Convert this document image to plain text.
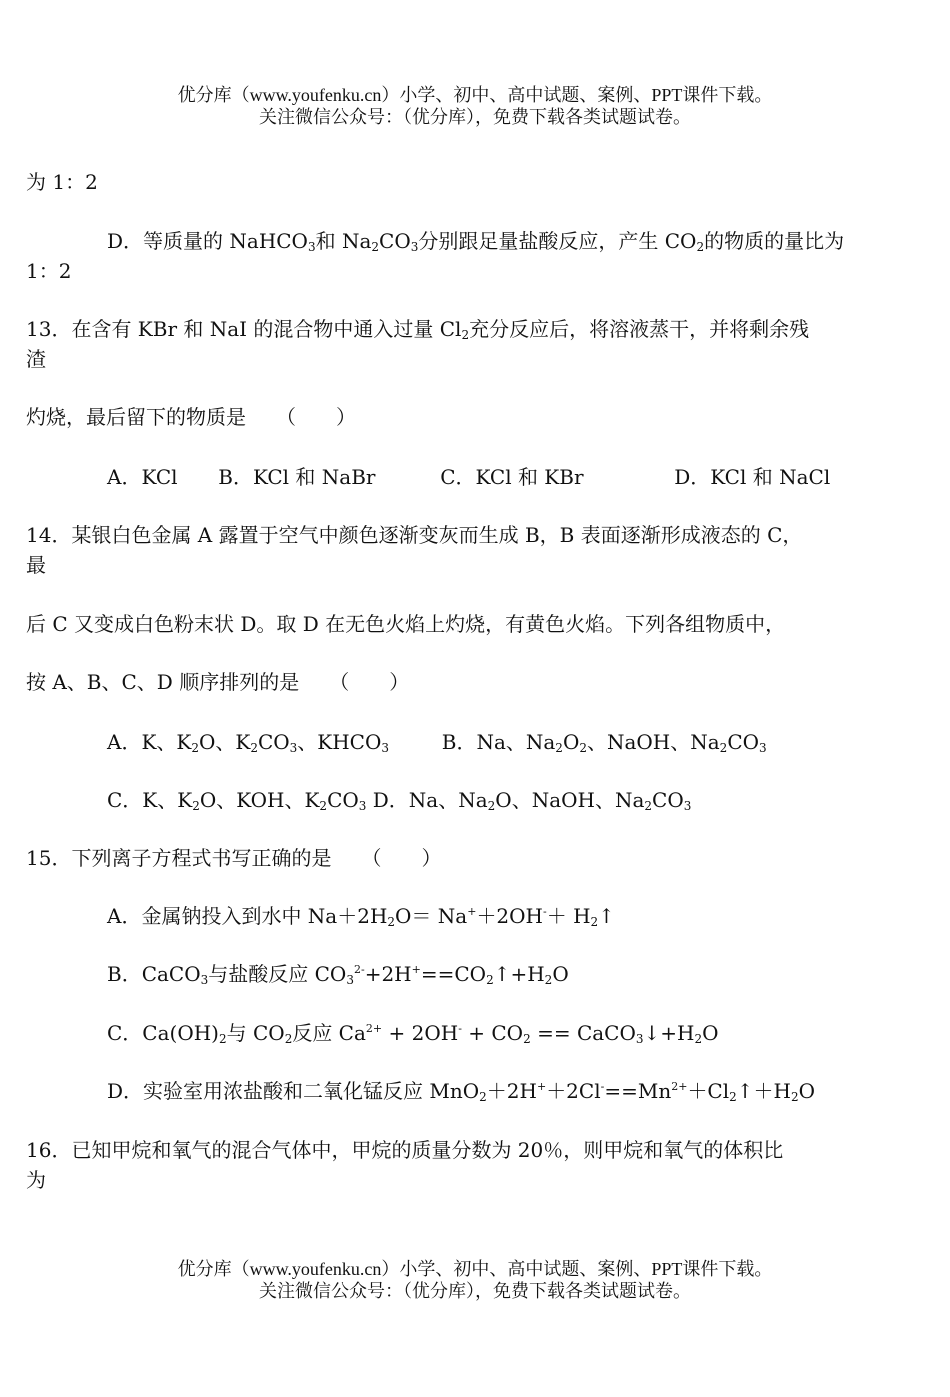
优分库（www.youfenku.cn）小学、初中、高中试题、案例、PPT课件下载。
关注微信公众号：（优分库），免费下载各类试题试卷。
为 1：2
D．等质量的 NaHCO$_3$和 $Na_2CO_3$分别跟足量盐酸反应，产生 $CO_2$的物质的量比为
1：2
13．在含有 KBr 和 NaI 的混合物中通入过量 $Cl_2$充分反应后，将溶液蒸干，并将剩余残
渣
灼烧，最后留下的物质是　　（　　）
A．KCl B．KCl 和 NaBr	C．KCl 和 KBr	D．KCl 和 NaCl
14．某银白色金属 A 露置于空气中颜色逐渐变灰而生成 B，B 表面逐渐形成液态的 C，
最
后 C 又变成白色粉末状 D。取 D 在无色火焰上灼烧，有黄色火焰。下列各组物质中，
按 A、B、C、D 顺序排列的是　　（　　）
A．K、$K_2O$、$K_2CO_3$、$KHCO_3$	B．Na、$Na_2O_2$、NaOH、$Na_2CO_3$
C．K、$K_2O$、KOH、$K_2CO_3$ D．Na、$Na_2O$、NaOH、$Na_2CO_3$
15．下列离子方程式书写正确的是　　（　　）
A．金属钠投入到水中 $Na+2H_2O= Na^++2OH^-+$ $H_2↑$
B．CaCO$_3$与盐酸反应 $CO_3^{2-}+2H^+==CO_2↑+H_2O$
C．$Ca(OH)_2$与 $CO_2$反应 $Ca^{2+} + 2OH^- + CO_2$ == $CaCO_3↓+H_2O$
D．实验室用浓盐酸和二氧化锰反应 $MnO_2+2H^++2Cl^-==Mn^{2+}+Cl_2↑+H_2O$
16．已知甲烷和氧气的混合气体中，甲烷的质量分数为 20％，则甲烷和氧气的体积比
为
优分库（www.youfenku.cn）小学、初中、高中试题、案例、PPT课件下载。
关注微信公众号：（优分库），免费下载各类试题试卷。
